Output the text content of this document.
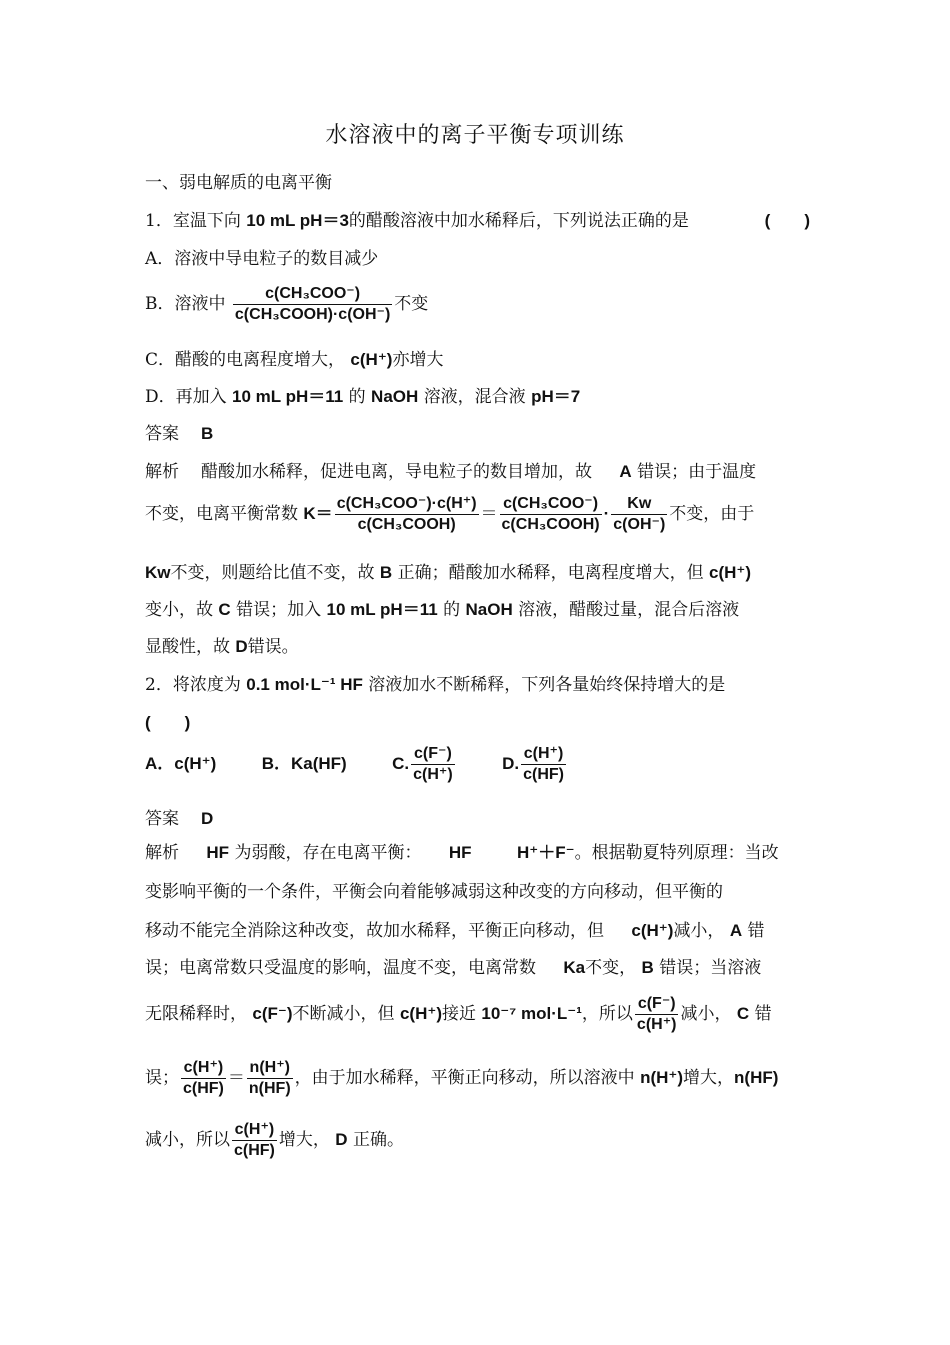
水溶液中的离子平衡专项训练
一、弱电解质的电离平衡
1．室温下向 10 mL pH＝3的醋酸溶液中加水稀释后，下列说法正确的是	(　　)
A．溶液中导电粒子的数目减少
B．溶液中 $\frac{\text{c(CH₃COO⁻)}}{\text{c(CH₃COOH)·c(OH⁻)}}$ 不变
C．醋酸的电离程度增大， c(H⁺)亦增大
D．再加入 10 mL pH＝11 的 NaOH 溶液，混合液 pH＝7
答案 B
解析 醋酸加水稀释，促进电离，导电粒子的数目增加，故 A 错误；由于温度
不变，电离平衡常数 $K= \frac{\text{c(CH₃COO⁻)·c(H⁺)}}{\text{c(CH₃COOH)}} = \frac{\text{c(CH₃COO⁻)}}{\text{c(CH₃COOH)}} \cdot \frac{Kw}{c(OH^-)}$ 不变，由于
Kw不变，则题给比值不变，故 B 正确；醋酸加水稀释，电离程度增大，但 c(H⁺)
变小，故 C 错误；加入 10 mL pH＝11 的 NaOH 溶液，醋酸过量，混合后溶液
显酸性，故 D错误。
2．将浓度为 0.1 mol·L⁻¹ HF 溶液加水不断稀释，下列各量始终保持增大的是
(　　)
A．c(H⁺)	B．Ka(HF)	C. $\frac{c(F^-)}{c(H^+)}$	D. $\frac{c(H^+)}{c(HF)}$
答案 D
解析 HF 为弱酸，存在电离平衡： HF	H⁺＋F⁻。根据勒夏特列原理：当改
变影响平衡的一个条件，平衡会向着能够减弱这种改变的方向移动，但平衡的
移动不能完全消除这种改变，故加水稀释，平衡正向移动，但 c(H⁺)减小， A 错
误；电离常数只受温度的影响，温度不变，电离常数 Ka不变， B 错误；当溶液
无限稀释时， c(F⁻)不断减小，但 c(H⁺)接近 10⁻⁷ mol·L⁻¹，所以 $\frac{c(F^-)}{c(H^+)}$ 减小， C 错
误； $\frac{c(H^+)}{c(HF)} = \frac{n(H^+)}{n(HF)}$ ，由于加水稀释，平衡正向移动，所以溶液中 n(H⁺)增大，n(HF)
减小，所以 $\frac{c(H^+)}{c(HF)}$ 增大， D 正确。
